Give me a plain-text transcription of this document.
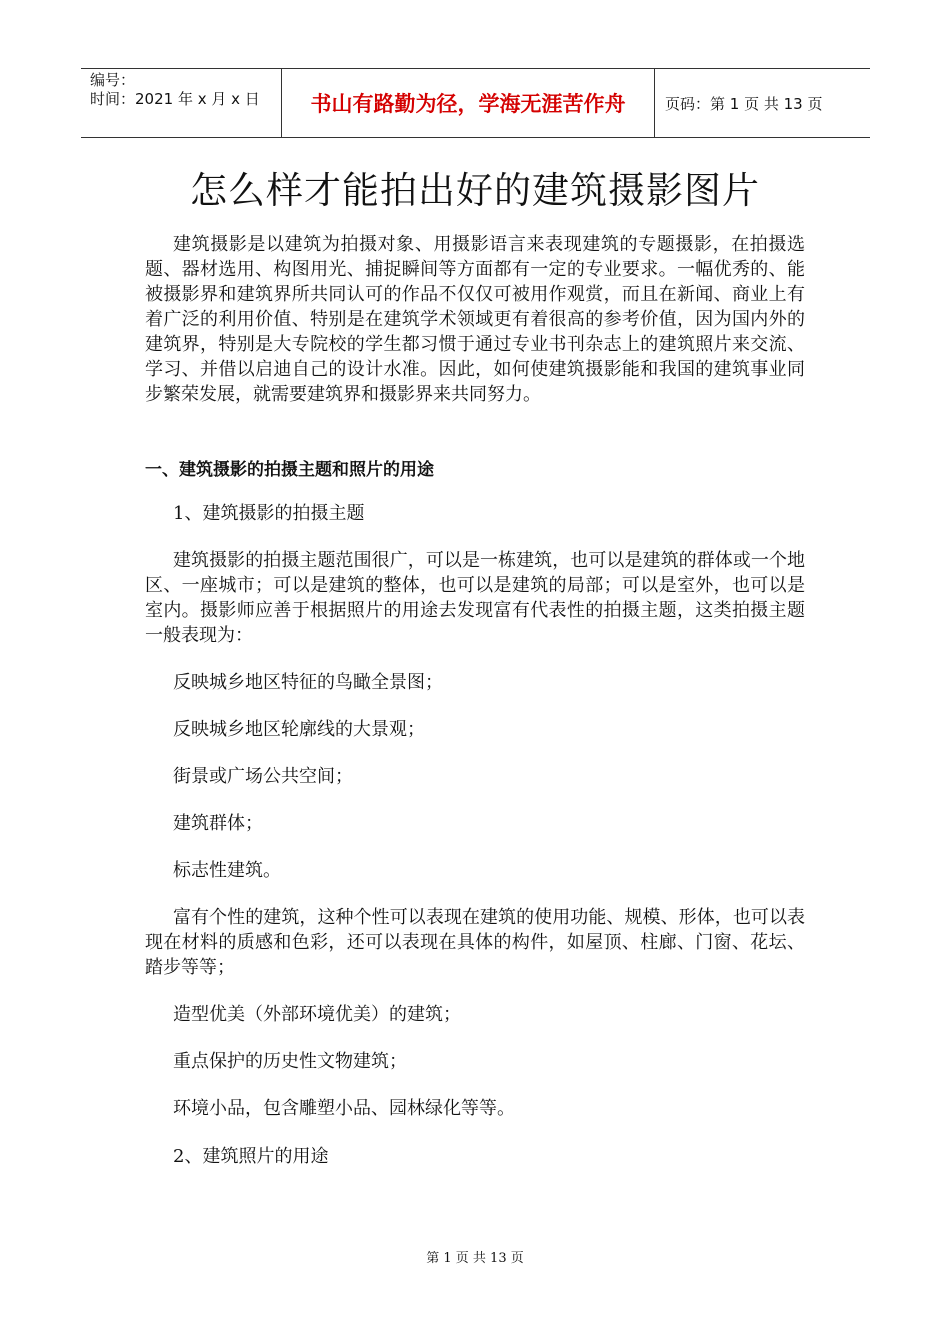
编号：
时间：2021 年 x 月 x 日	书山有路勤为径，学海无涯苦作舟	页码：第 1 页 共 13 页
怎么样才能拍出好的建筑摄影图片

建筑摄影是以建筑为拍摄对象、用摄影语言来表现建筑的专题摄影，在拍摄选题、器材选用、构图用光、捕捉瞬间等方面都有一定的专业要求。一幅优秀的、能被摄影界和建筑界所共同认可的作品不仅仅可被用作观赏，而且在新闻、商业上有着广泛的利用价值、特别是在建筑学术领域更有着很高的参考价值，因为国内外的建筑界，特别是大专院校的学生都习惯于通过专业书刊杂志上的建筑照片来交流、学习、并借以启迪自己的设计水准。因此，如何使建筑摄影能和我国的建筑事业同步繁荣发展，就需要建筑界和摄影界来共同努力。

一、建筑摄影的拍摄主题和照片的用途

1、建筑摄影的拍摄主题

建筑摄影的拍摄主题范围很广，可以是一栋建筑，也可以是建筑的群体或一个地区、一座城市；可以是建筑的整体，也可以是建筑的局部；可以是室外，也可以是室内。摄影师应善于根据照片的用途去发现富有代表性的拍摄主题，这类拍摄主题一般表现为：

反映城乡地区特征的鸟瞰全景图；

反映城乡地区轮廓线的大景观；

街景或广场公共空间；

建筑群体；

标志性建筑。

富有个性的建筑，这种个性可以表现在建筑的使用功能、规模、形体，也可以表现在材料的质感和色彩，还可以表现在具体的构件，如屋顶、柱廊、门窗、花坛、踏步等等；

造型优美（外部环境优美）的建筑；

重点保护的历史性文物建筑；

环境小品，包含雕塑小品、园林绿化等等。

2、建筑照片的用途

第 1 页 共 13 页
